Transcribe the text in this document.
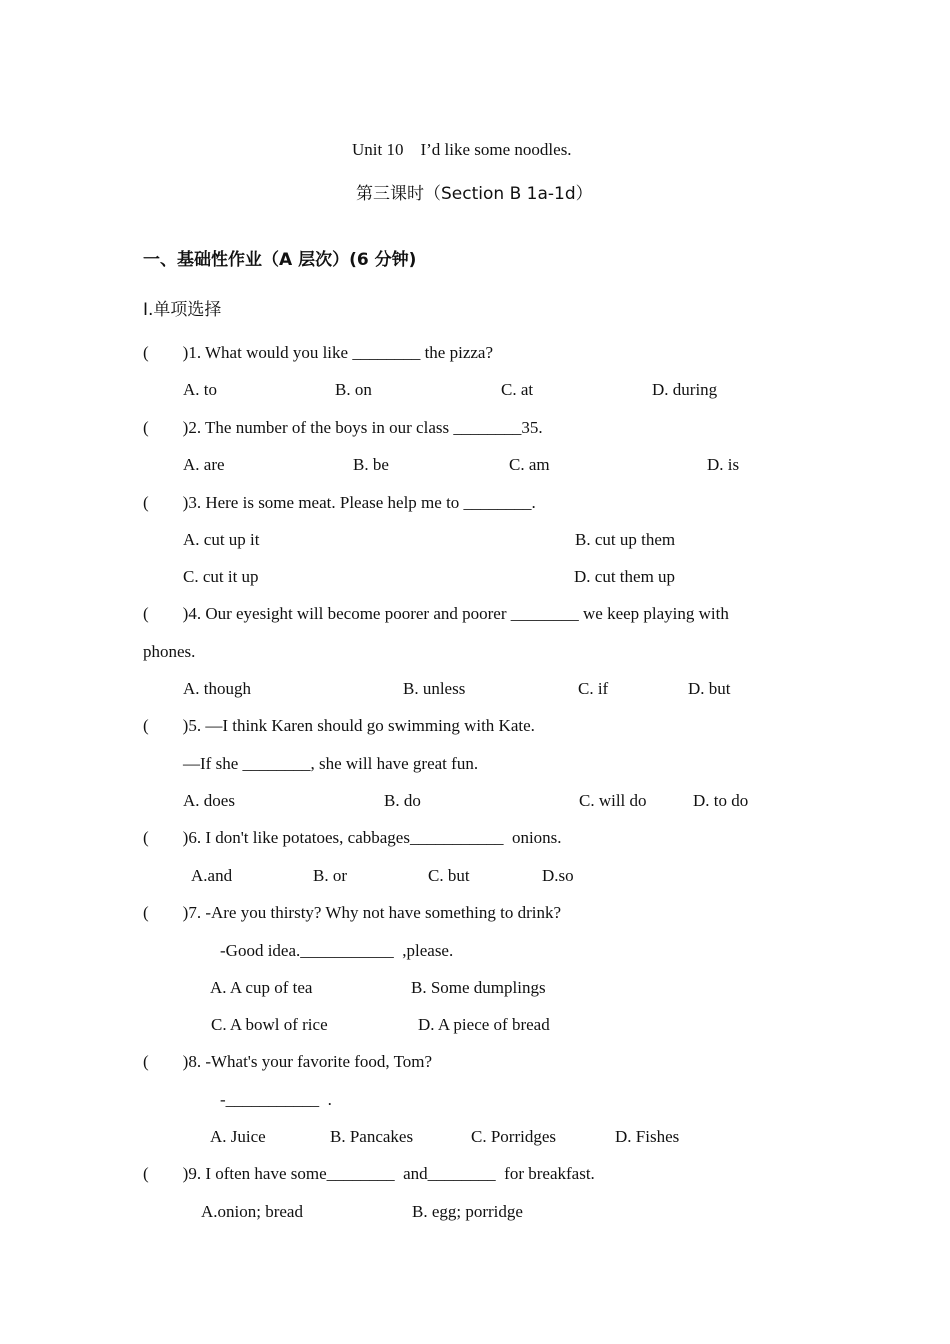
Unit 10    I’d like some noodles.
第三课时（Section B 1a-1d）
一、基础性作业（A 层次）(6 分钟)
I.单项选择
(        )1. What would you like ________ the pizza?
A. to	B. on	C. at	D. during
(        )2. The number of the boys in our class ________35.
A. are	B. be	C. am	D. is
(        )3. Here is some meat. Please help me to ________.
A. cut up it	B. cut up them
C. cut it up	D. cut them up
(        )4. Our eyesight will become poorer and poorer ________ we keep playing with
phones.
A. though	B. unless	C. if	D. but
(        )5. —I think Karen should go swimming with Kate.
—If she ________, she will have great fun.
A. does	B. do	C. will do	D. to do
(        )6. I don't like potatoes, cabbages___________  onions.
A.and	B. or	C. but	D.so
(        )7. -Are you thirsty? Why not have something to drink?
-Good idea.___________  ,please.
A. A cup of tea	B. Some dumplings
C. A bowl of rice	D. A piece of bread
(        )8. -What's your favorite food, Tom?
-___________  .
A. Juice	B. Pancakes	C. Porridges	D. Fishes
(        )9. I often have some________  and________  for breakfast.
A.onion; bread	B. egg; porridge
